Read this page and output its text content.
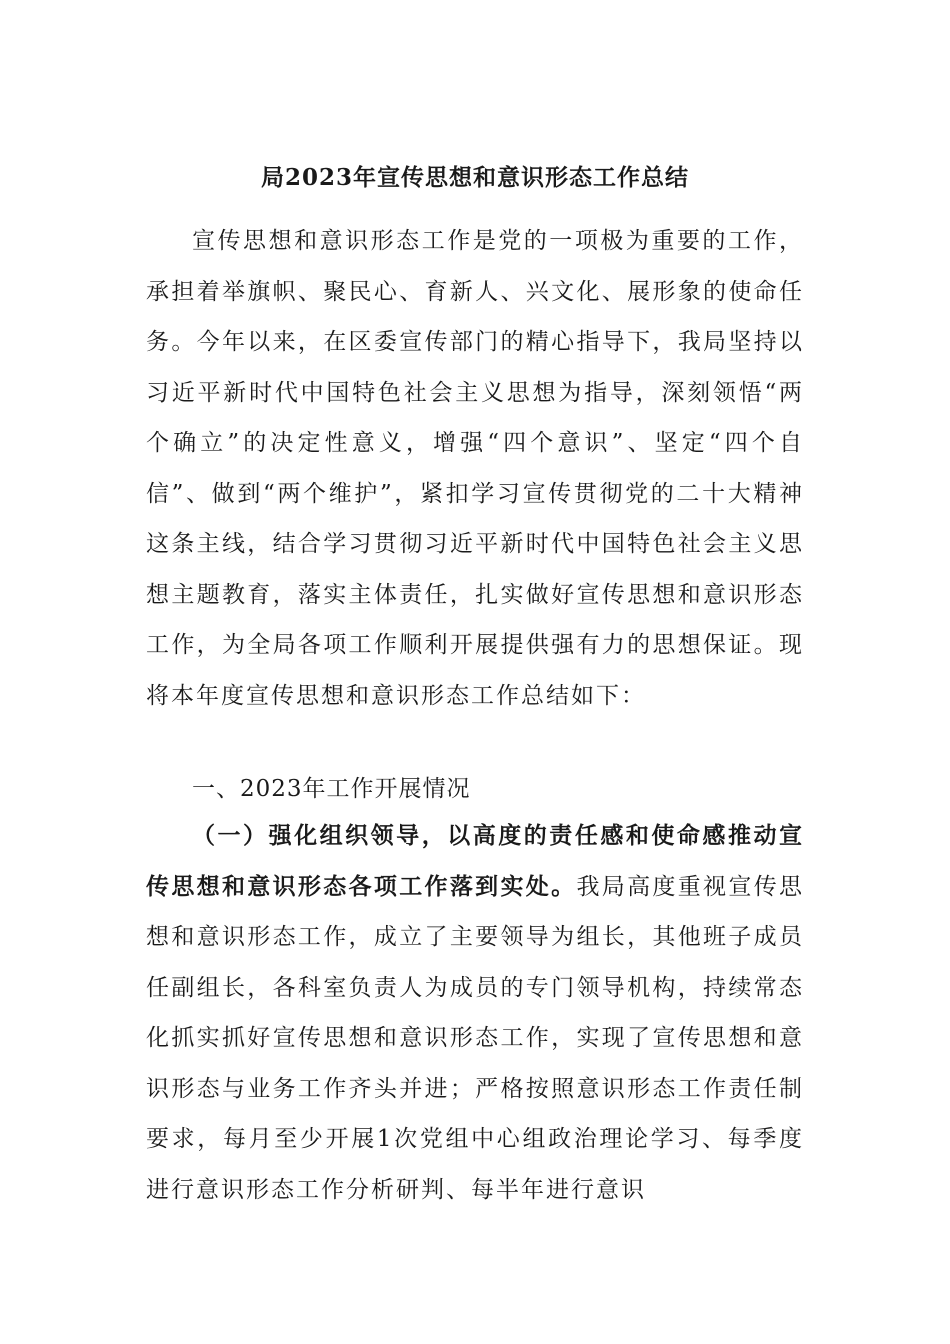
局2023年宣传思想和意识形态工作总结

宣传思想和意识形态工作是党的一项极为重要的工作，承担着举旗帜、聚民心、育新人、兴文化、展形象的使命任务。今年以来，在区委宣传部门的精心指导下，我局坚持以习近平新时代中国特色社会主义思想为指导，深刻领悟“两个确立”的决定性意义，增强“四个意识”、坚定“四个自信”、做到“两个维护”，紧扣学习宣传贯彻党的二十大精神这条主线，结合学习贯彻习近平新时代中国特色社会主义思想主题教育，落实主体责任，扎实做好宣传思想和意识形态工作，为全局各项工作顺利开展提供强有力的思想保证。现将本年度宣传思想和意识形态工作总结如下：

一、2023年工作开展情况

（一）强化组织领导，以高度的责任感和使命感推动宣传思想和意识形态各项工作落到实处。我局高度重视宣传思想和意识形态工作，成立了主要领导为组长，其他班子成员任副组长，各科室负责人为成员的专门领导机构，持续常态化抓实抓好宣传思想和意识形态工作，实现了宣传思想和意识形态与业务工作齐头并进；严格按照意识形态工作责任制要求，每月至少开展1次党组中心组政治理论学习、每季度进行意识形态工作分析研判、每半年进行意识
